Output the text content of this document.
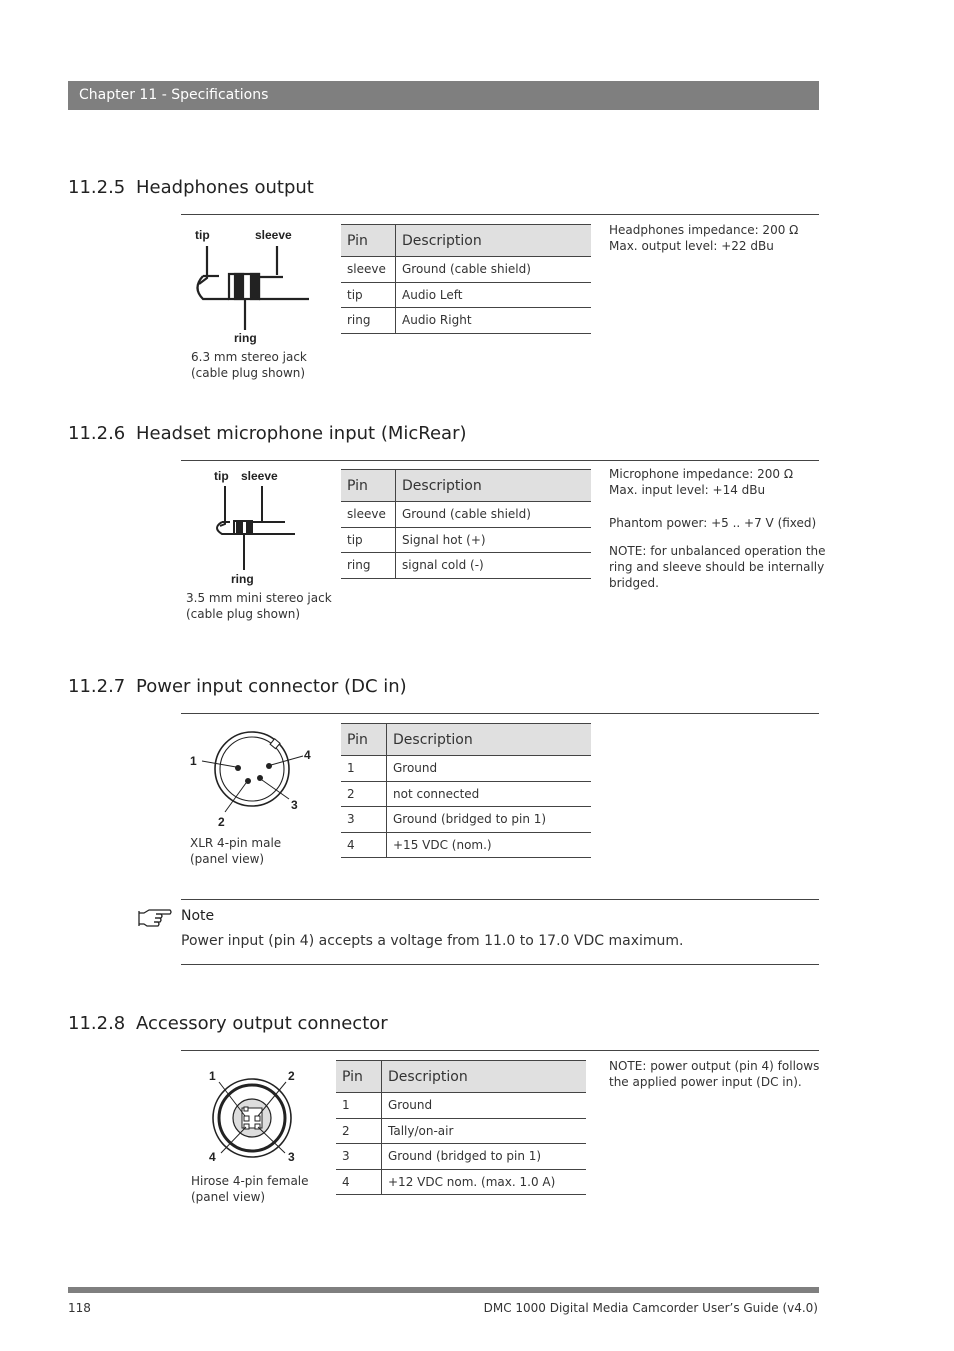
Chapter 11 - Specifications
11.2.5 Headphones output
tip	sleeve
ring
6.3 mm stereo jack
(cable plug shown)
Pin	Description
sleeve	Ground (cable shield)
tip	Audio Left
ring	Audio Right
Headphones impedance: 200 Ω
Max. output level: +22 dBu
11.2.6 Headset microphone input (MicRear)
tip sleeve
ring
3.5 mm mini stereo jack
(cable plug shown)
Pin	Description
sleeve	Ground (cable shield)
tip	Signal hot (+)
ring	signal cold (-)
Microphone impedance: 200 Ω
Max. input level: +14 dBu
Phantom power: +5 .. +7 V (fixed)
NOTE: for unbalanced operation the
ring and sleeve should be internally
bridged.
11.2.7 Power input connector (DC in)
1
2
3
4
XLR 4-pin male
(panel view)
Pin	Description
1	Ground
2	not connected
3	Ground (bridged to pin 1)
4	+15 VDC (nom.)
Note
Power input (pin 4) accepts a voltage from 11.0 to 17.0 VDC maximum.
11.2.8 Accessory output connector
1	2
3
4
Hirose 4-pin female
(panel view)
Pin	Description
1	Ground
2	Tally/on-air
3	Ground (bridged to pin 1)
4	+12 VDC nom. (max. 1.0 A)
NOTE: power output (pin 4) follows
the applied power input (DC in).
118	DMC 1000 Digital Media Camcorder User’s Guide (v4.0)
